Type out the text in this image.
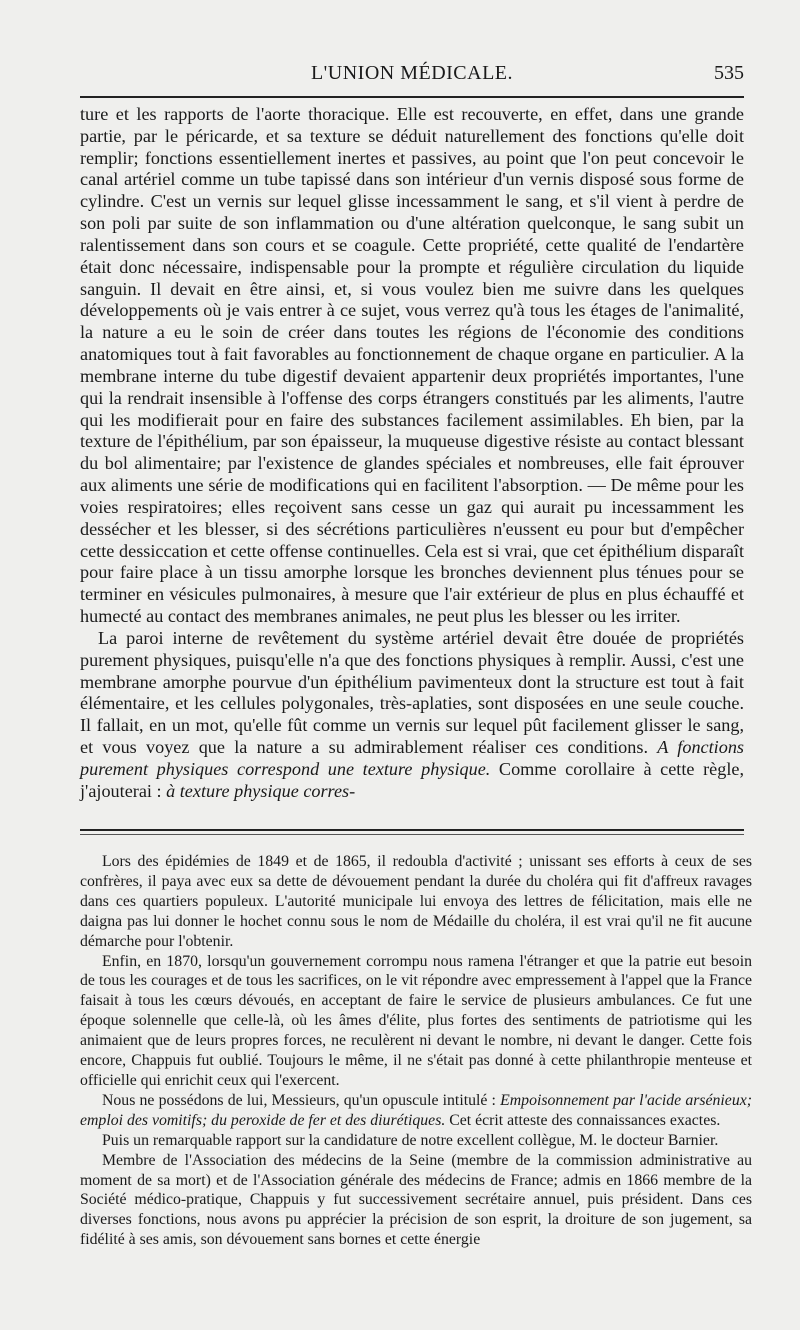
L'UNION MÉDICALE.	535

ture et les rapports de l'aorte thoracique. Elle est recouverte, en effet, dans une grande partie, par le péricarde, et sa texture se déduit naturellement des fonctions qu'elle doit remplir; fonctions essentiellement inertes et passives, au point que l'on peut concevoir le canal artériel comme un tube tapissé dans son intérieur d'un vernis disposé sous forme de cylindre. C'est un vernis sur lequel glisse incessamment le sang, et s'il vient à perdre de son poli par suite de son inflammation ou d'une altération quelconque, le sang subit un ralentissement dans son cours et se coagule. Cette propriété, cette qualité de l'endartère était donc nécessaire, indispensable pour la prompte et régulière circulation du liquide sanguin. Il devait en être ainsi, et, si vous voulez bien me suivre dans les quelques développements où je vais entrer à ce sujet, vous verrez qu'à tous les étages de l'animalité, la nature a eu le soin de créer dans toutes les régions de l'économie des conditions anatomiques tout à fait favorables au fonctionnement de chaque organe en particulier. A la membrane interne du tube digestif devaient appartenir deux propriétés importantes, l'une qui la rendrait insensible à l'offense des corps étrangers constitués par les aliments, l'autre qui les modifierait pour en faire des substances facilement assimilables. Eh bien, par la texture de l'épithélium, par son épaisseur, la muqueuse digestive résiste au contact blessant du bol alimentaire; par l'existence de glandes spéciales et nombreuses, elle fait éprouver aux aliments une série de modifications qui en facilitent l'absorption. — De même pour les voies respiratoires; elles reçoivent sans cesse un gaz qui aurait pu incessamment les dessécher et les blesser, si des sécrétions particulières n'eussent eu pour but d'empêcher cette dessiccation et cette offense continuelles. Cela est si vrai, que cet épithélium disparaît pour faire place à un tissu amorphe lorsque les bronches deviennent plus ténues pour se terminer en vésicules pulmonaires, à mesure que l'air extérieur de plus en plus échauffé et humecté au contact des membranes animales, ne peut plus les blesser ou les irriter.

La paroi interne de revêtement du système artériel devait être douée de propriétés purement physiques, puisqu'elle n'a que des fonctions physiques à remplir. Aussi, c'est une membrane amorphe pourvue d'un épithélium pavimenteux dont la structure est tout à fait élémentaire, et les cellules polygonales, très-aplaties, sont disposées en une seule couche. Il fallait, en un mot, qu'elle fût comme un vernis sur lequel pût facilement glisser le sang, et vous voyez que la nature a su admirablement réaliser ces conditions. A fonctions purement physiques correspond une texture physique. Comme corollaire à cette règle, j'ajouterai : à texture physique corres-

Lors des épidémies de 1849 et de 1865, il redoubla d'activité ; unissant ses efforts à ceux de ses confrères, il paya avec eux sa dette de dévouement pendant la durée du choléra qui fit d'affreux ravages dans ces quartiers populeux. L'autorité municipale lui envoya des lettres de félicitation, mais elle ne daigna pas lui donner le hochet connu sous le nom de Médaille du choléra, il est vrai qu'il ne fit aucune démarche pour l'obtenir.

Enfin, en 1870, lorsqu'un gouvernement corrompu nous ramena l'étranger et que la patrie eut besoin de tous les courages et de tous les sacrifices, on le vit répondre avec empressement à l'appel que la France faisait à tous les cœurs dévoués, en acceptant de faire le service de plusieurs ambulances. Ce fut une époque solennelle que celle-là, où les âmes d'élite, plus fortes des sentiments de patriotisme qui les animaient que de leurs propres forces, ne reculèrent ni devant le nombre, ni devant le danger. Cette fois encore, Chappuis fut oublié. Toujours le même, il ne s'était pas donné à cette philanthropie menteuse et officielle qui enrichit ceux qui l'exercent.

Nous ne possédons de lui, Messieurs, qu'un opuscule intitulé : Empoisonnement par l'acide arsénieux; emploi des vomitifs; du peroxide de fer et des diurétiques. Cet écrit atteste des connaissances exactes.

Puis un remarquable rapport sur la candidature de notre excellent collègue, M. le docteur Barnier.

Membre de l'Association des médecins de la Seine (membre de la commission administrative au moment de sa mort) et de l'Association générale des médecins de France; admis en 1866 membre de la Société médico-pratique, Chappuis y fut successivement secrétaire annuel, puis président. Dans ces diverses fonctions, nous avons pu apprécier la précision de son esprit, la droiture de son jugement, sa fidélité à ses amis, son dévouement sans bornes et cette énergie
